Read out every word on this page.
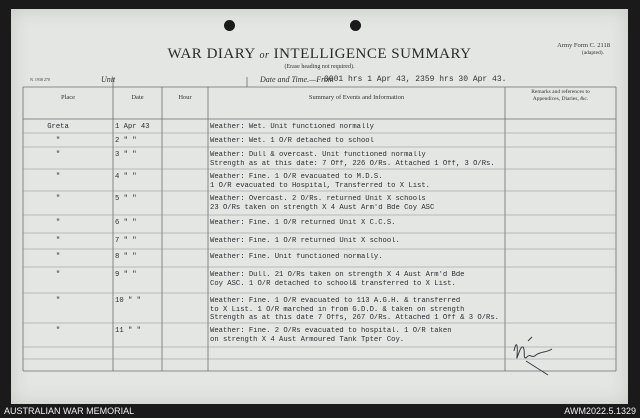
WAR DIARY or INTELLIGENCE SUMMARY
(Erase heading not required).
Army Form C. 2118
(adapted).
N. 1938 270	Unit	Date and Time.—From
0001 hrs 1 Apr 43, 2359 hrs 30 Apr 43.
Place	Date	Hour	Summary of Events and Information
Remarks and references to
Appendices, Diaries, &c.
Greta	1 Apr 43	Weather: Wet. Unit functioned normally
"	2 " "	Weather: Wet. 1 O/R detached to school
"	3 " "	Weather: Dull & overcast. Unit functioned normally
Strength as at this date: 7 Off, 226 O/Rs. Attached 1 Off, 3 O/Rs.
"	4 " "	Weather: Fine. 1 O/R evacuated to M.D.S.
1 O/R evacuated to Hospital, Transferred to X List.
"	5 " "	Weather: Overcast. 2 O/Rs. returned Unit X schools
23 O/Rs taken on strength X 4 Aust Arm'd Bde Coy ASC
"	6 " "	Weather: Fine. 1 O/R returned Unit X C.C.S.
"	7 " "	Weather: Fine. 1 O/R returned Unit X school.
"	8 " "	Weather: Fine. Unit functioned normally.
"	9 " "	Weather: Dull. 21 O/Rs taken on strength X 4 Aust Arm'd Bde
Coy ASC. 1 O/R detached to school& transferred to X List.
"	10 " "	Weather: Fine. 1 O/R evacuated to 113 A.G.H. & transferred
to X List. 1 O/R marched in from G.D.D. & taken on strength
Strength as at this date 7 Offs, 267 O/Rs. Attached 1 Off & 3 O/Rs.
"	11 " "	Weather: Fine. 2 O/Rs evacuated to hospital. 1 O/R taken
on strength X 4 Aust Armoured Tank Tpter Coy.
AUSTRALIAN WAR MEMORIAL	AWM2022.5.1329
